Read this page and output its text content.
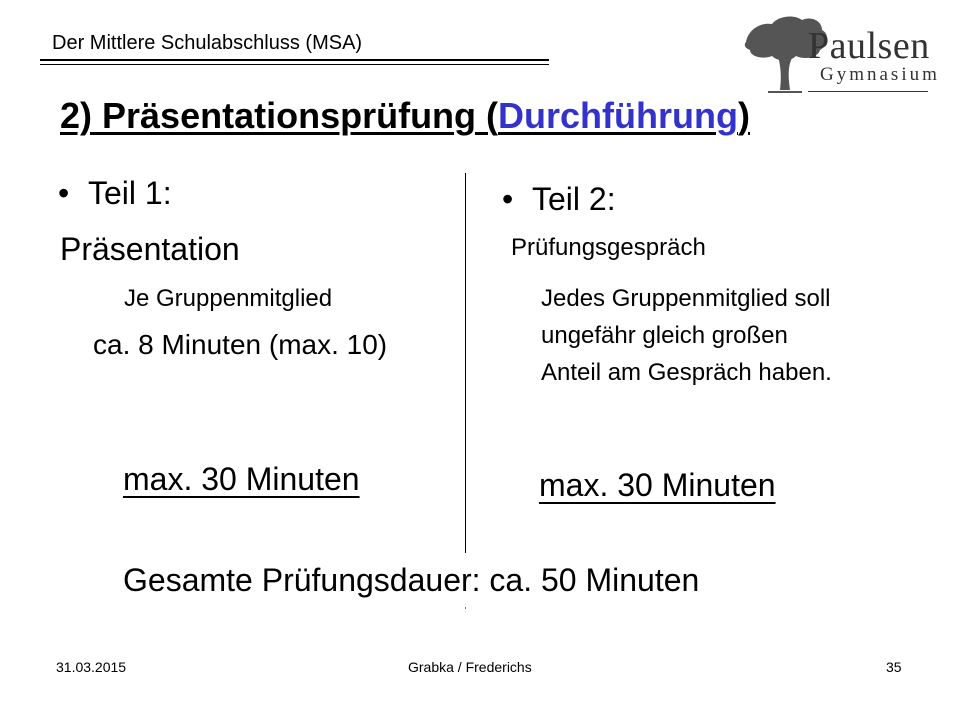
Der Mittlere Schulabschluss (MSA)	Paulsen
Gymnasium
2) Präsentationsprüfung (Durchführung)
• Teil 1:
Präsentation
Je Gruppenmitglied
ca. 8 Minuten (max. 10)
max. 30 Minuten
• Teil 2:
Prüfungsgespräch
Jedes Gruppenmitglied soll ungefähr gleich großen Anteil am Gespräch haben.
max. 30 Minuten
Gesamte Prüfungsdauer: ca. 50 Minuten
31.03.2015	Grabka / Frederichs	35
